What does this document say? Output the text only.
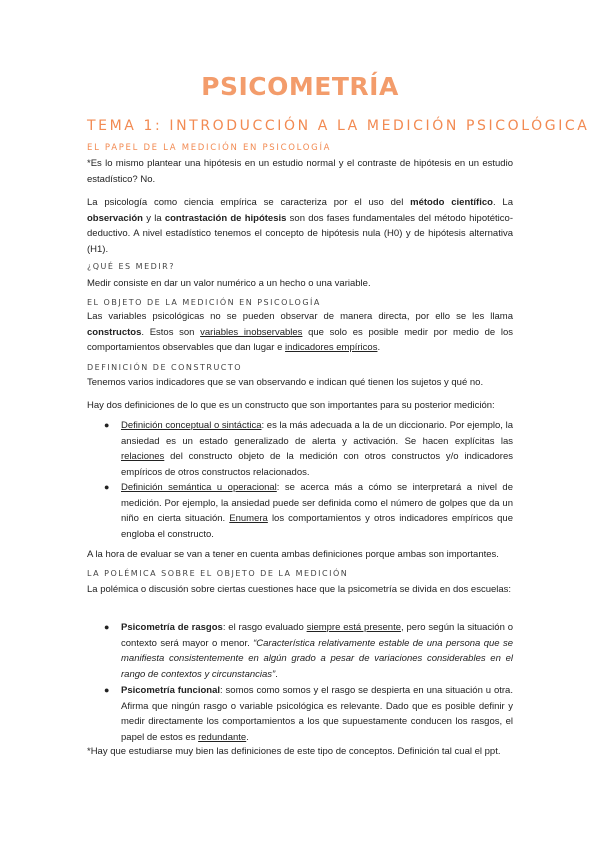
PSICOMETRÍA
TEMA 1: INTRODUCCIÓN A LA MEDICIÓN PSICOLÓGICA
EL PAPEL DE LA MEDICIÓN EN PSICOLOGÍA
*Es lo mismo plantear una hipótesis en un estudio normal y el contraste de hipótesis en un estudio estadístico? No.
La psicología como ciencia empírica se caracteriza por el uso del método científico. La observación y la contrastación de hipótesis son dos fases fundamentales del método hipotético-deductivo. A nivel estadístico tenemos el concepto de hipótesis nula (H0) y de hipótesis alternativa (H1).
¿QUÉ ES MEDIR?
Medir consiste en dar un valor numérico a un hecho o una variable.
EL OBJETO DE LA MEDICIÓN EN PSICOLOGÍA
Las variables psicológicas no se pueden observar de manera directa, por ello se les llama constructos. Estos son variables inobservables que solo es posible medir por medio de los comportamientos observables que dan lugar e indicadores empíricos.
DEFINICIÓN DE CONSTRUCTO
Tenemos varios indicadores que se van observando e indican qué tienen los sujetos y qué no.
Hay dos definiciones de lo que es un constructo que son importantes para su posterior medición:
● Definición conceptual o sintáctica: es la más adecuada a la de un diccionario. Por ejemplo, la ansiedad es un estado generalizado de alerta y activación. Se hacen explícitas las relaciones del constructo objeto de la medición con otros constructos y/o indicadores empíricos de otros constructos relacionados.
● Definición semántica u operacional: se acerca más a cómo se interpretará a nivel de medición. Por ejemplo, la ansiedad puede ser definida como el número de golpes que da un niño en cierta situación. Enumera los comportamientos y otros indicadores empíricos que engloba el constructo.
A la hora de evaluar se van a tener en cuenta ambas definiciones porque ambas son importantes.
LA POLÉMICA SOBRE EL OBJETO DE LA MEDICIÓN
La polémica o discusión sobre ciertas cuestiones hace que la psicometría se divida en dos escuelas:
● Psicometría de rasgos: el rasgo evaluado siempre está presente, pero según la situación o contexto será mayor o menor. “Característica relativamente estable de una persona que se manifiesta consistentemente en algún grado a pesar de variaciones considerables en el rango de contextos y circunstancias”.
● Psicometría funcional: somos como somos y el rasgo se despierta en una situación u otra. Afirma que ningún rasgo o variable psicológica es relevante. Dado que es posible definir y medir directamente los comportamientos a los que supuestamente conducen los rasgos, el papel de estos es redundante.
*Hay que estudiarse muy bien las definiciones de este tipo de conceptos. Definición tal cual el ppt.
